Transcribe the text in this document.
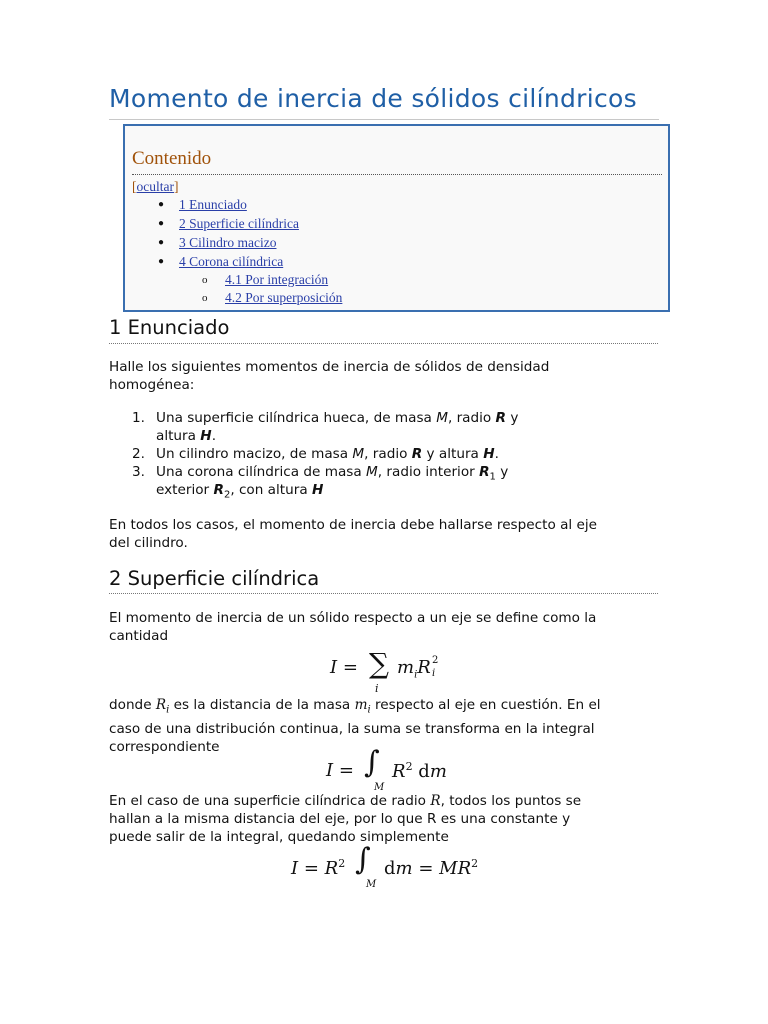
Momento de inercia de sólidos cilíndricos
Contenido
[ocultar]
● 1 Enunciado
● 2 Superficie cilíndrica
● 3 Cilindro macizo
● 4 Corona cilíndrica
o 4.1 Por integración
o 4.2 Por superposición
1 Enunciado
Halle los siguientes momentos de inercia de sólidos de densidad
homogénea:
1. Una superficie cilíndrica hueca, de masa M, radio R y
altura H.
2. Un cilindro macizo, de masa M, radio R y altura H.
3. Una corona cilíndrica de masa M, radio interior $R_1$ y
exterior $R_2$, con altura H
En todos los casos, el momento de inercia debe hallarse respecto al eje
del cilindro.
2 Superficie cilíndrica
El momento de inercia de un sólido respecto a un eje se define como la
cantidad
I = ∑
i
$m_iR$ 2
i
donde $R_i$ es la distancia de la masa $m_i$ respecto al eje en cuestión. En el
caso de una distribución continua, la suma se transforma en la integral
correspondiente
I = ∫
M
$R^2$ dm
En el caso de una superficie cilíndrica de radio R, todos los puntos se
hallan a la misma distancia del eje, por lo que R es una constante y
puede salir de la integral, quedando simplemente
$I = R^2$ ∫
M
dm = $MR^2$
